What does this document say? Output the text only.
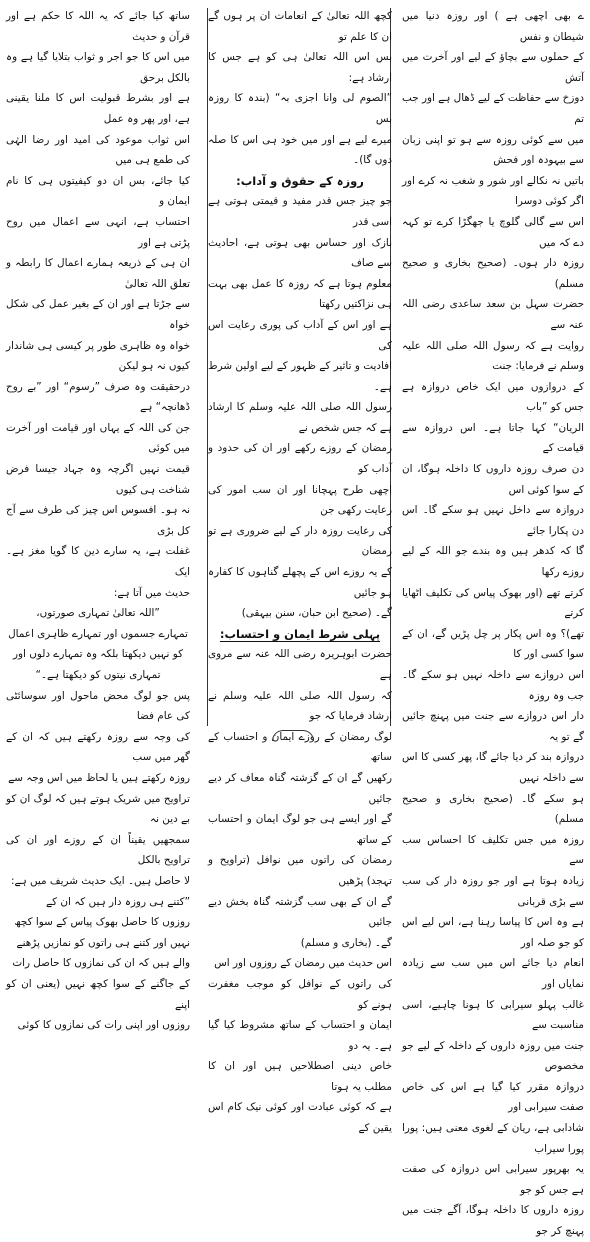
ے بھی اچھی ہے ) اور روزہ دنیا میں شیطان و نفس

کے حملوں سے بچاؤ کے لیے اور آخرت میں آتش

دوزخ سے حفاظت کے لیے ڈھال ہے اور جب تم

میں سے کوئی روزہ سے ہو تو اپنی زبان سے بیہودہ اور فحش

باتیں نہ نکالے اور شور و شغب نہ کرے اور اگر کوئی دوسرا

اس سے گالی گلوچ یا جھگڑا کرے تو کہہ دے کہ میں

روزہ دار ہوں۔ (صحیح بخاری و صحیح مسلم)

حضرت سہل بن سعد ساعدی رضی اللہ عنہ سے

روایت ہے کہ رسول اللہ صلی اللہ علیہ وسلم نے فرمایا: جنت

کے دروازوں میں ایک خاص دروازہ ہے جس کو ”باب

الریان“ کہا جاتا ہے۔ اس دروازہ سے قیامت کے

دن صرف روزہ داروں کا داخلہ ہوگا، ان کے سوا کوئی اس

دروازہ سے داخل نہیں ہو سکے گا۔ اس دن پکارا جائے

گا کہ کدھر ہیں وہ بندے جو اللہ کے لیے روزے رکھا

کرتے تھے (اور بھوک پیاس کی تکلیف اٹھایا کرتے

تھے)؟ وہ اس پکار پر چل پڑیں گے، ان کے سوا کسی اور کا

اس دروازے سے داخلہ نہیں ہو سکے گا۔ جب وہ روزہ

دار اس دروازے سے جنت میں پہنچ جائیں گے تو یہ

دروازہ بند کر دیا جائے گا، پھر کسی کا اس سے داخلہ نہیں

ہو سکے گا۔ (صحیح بخاری و صحیح مسلم)

روزہ میں جس تکلیف کا احساس سب سے

زیادہ ہوتا ہے اور جو روزہ دار کی سب سے بڑی قربانی

ہے وہ اس کا پیاسا رہنا ہے، اس لیے اس کو جو صلہ اور

انعام دیا جائے اس میں سب سے زیادہ نمایاں اور

غالب پہلو سیرابی کا ہونا چاہیے، اسی مناسبت سے

جنت میں روزہ داروں کے داخلہ کے لیے جو مخصوص

دروازہ مقرر کیا گیا ہے اس کی خاص صفت سیرابی اور

شادابی ہے، ریان کے لغوی معنی ہیں: پورا پورا سیراب

یہ بھرپور سیرابی اس دروازہ کی صفت ہے جس کو جو

روزہ داروں کا داخلہ ہوگا، آگے جنت میں پہنچ کر جو

کچھ اللہ تعالیٰ کے انعامات ان پر ہوں گے ان کا علم تو

بس اس اللہ تعالیٰ ہی کو ہے جس کا ارشاد ہے:

”الصوم لی وانا اجزی بہ“ (بندہ کا روزہ بس

میرے لیے ہے اور میں خود ہی اس کا صلہ دوں گا)۔

روزہ کے حقوق و آداب:

جو چیز جس قدر مفید و قیمتی ہوتی ہے اسی قدر

نازک اور حساس بھی ہوتی ہے، احادیث سے صاف

معلوم ہوتا ہے کہ روزہ کا عمل بھی بہت ہی نزاکتیں رکھتا

ہے اور اس کے آداب کی پوری رعایت اس کی

افادیت و تاثیر کے ظہور کے لیے اولین شرط ہے۔

رسول اللہ صلی اللہ علیہ وسلم کا ارشاد ہے کہ جس شخص نے

رمضان کے روزے رکھے اور ان کی حدود و آداب کو

اچھی طرح پہچانا اور ان سب امور کی رعایت رکھی جن

کی رعایت روزہ دار کے لیے ضروری ہے تو رمضان

کے یہ روزے اس کے پچھلے گناہوں کا کفارہ ہو جائیں

گے۔ (صحیح ابن حبان، سنن بیہقی)

پہلی شرط ایمان و احتساب:

حضرت ابوہریرہ رضی اللہ عنہ سے مروی ہے

کہ رسول اللہ صلی اللہ علیہ وسلم نے ارشاد فرمایا کہ جو

لوگ رمضان کے روزے ایمان و احتساب کے ساتھ

رکھیں گے ان کے گزشتہ گناہ معاف کر دیے جائیں

گے اور ایسے ہی جو لوگ ایمان و احتساب کے ساتھ

رمضان کی راتوں میں نوافل (تراویح و تہجد) پڑھیں

گے ان کے بھی سب گزشتہ گناہ بخش دیے جائیں

گے۔ (بخاری و مسلم)

اس حدیث میں رمضان کے روزوں اور اس

کی راتوں کے نوافل کو موجب مغفرت ہونے کو

ایمان و احتساب کے ساتھ مشروط کیا گیا ہے۔ یہ دو

خاص دینی اصطلاحیں ہیں اور ان کا مطلب یہ ہوتا

ہے کہ کوئی عبادت اور کوئی نیک کام اس یقین کے

ساتھ کیا جائے کہ یہ اللہ کا حکم ہے اور قرآن و حدیث

میں اس کا جو اجر و ثواب بتلایا گیا ہے وہ بالکل برحق

ہے اور بشرط قبولیت اس کا ملنا یقینی ہے، اور پھر وہ عمل

اس ثواب موعود کی امید اور رضا الہٰی کی طمع ہی میں

کیا جائے، بس ان دو کیفیتوں ہی کا نام ایمان و

احتساب ہے، انہی سے اعمال میں روح پڑتی ہے اور

ان ہی کے ذریعہ ہمارے اعمال کا رابطہ و تعلق اللہ تعالیٰ

سے جڑتا ہے اور ان کے بغیر عمل کی شکل خواہ

خواہ وہ ظاہری طور پر کیسی ہی شاندار کیوں نہ ہو لیکن

درحقیقت وہ صرف ”رسوم“ اور ”بے روح ڈھانچہ“ ہے

جن کی اللہ کے یہاں اور قیامت اور آخرت میں کوئی

قیمت نہیں اگرچہ وہ جہاد جیسا فرض شناخت ہی کیوں

نہ ہو۔ افسوس اس چیز کی طرف سے آج کل بڑی

غفلت ہے، یہ سارے دین کا گویا مغز ہے۔ ایک

حدیث میں آتا ہے:

”اللہ تعالیٰ تمہاری صورتوں،

تمہارے جسموں اور تمہارے ظاہری اعمال

کو نہیں دیکھتا بلکہ وہ تمہارے دلوں اور

تمہاری نیتوں کو دیکھتا ہے۔“

پس جو لوگ محض ماحول اور سوسائٹی کی عام فضا

کی وجہ سے روزہ رکھتے ہیں کہ ان کے گھر میں سب

روزہ رکھتے ہیں یا لحاظ میں اس وجہ سے

تراویح میں شریک ہوتے ہیں کہ لوگ ان کو بے دین نہ

سمجھیں یقیناً ان کے روزے اور ان کی تراویح بالکل

لا حاصل ہیں۔ ایک حدیث شریف میں ہے:

”کتنے ہی روزہ دار ہیں کہ ان کے

روزوں کا حاصل بھوک پیاس کے سوا کچھ

نہیں اور کتنے ہی راتوں کو نمازیں پڑھنے

والے ہیں کہ ان کی نمازوں کا حاصل رات

کے جاگنے کے سوا کچھ نہیں (یعنی ان کو اپنے

روزوں اور اپنی رات کی نمازوں کا کوئی
